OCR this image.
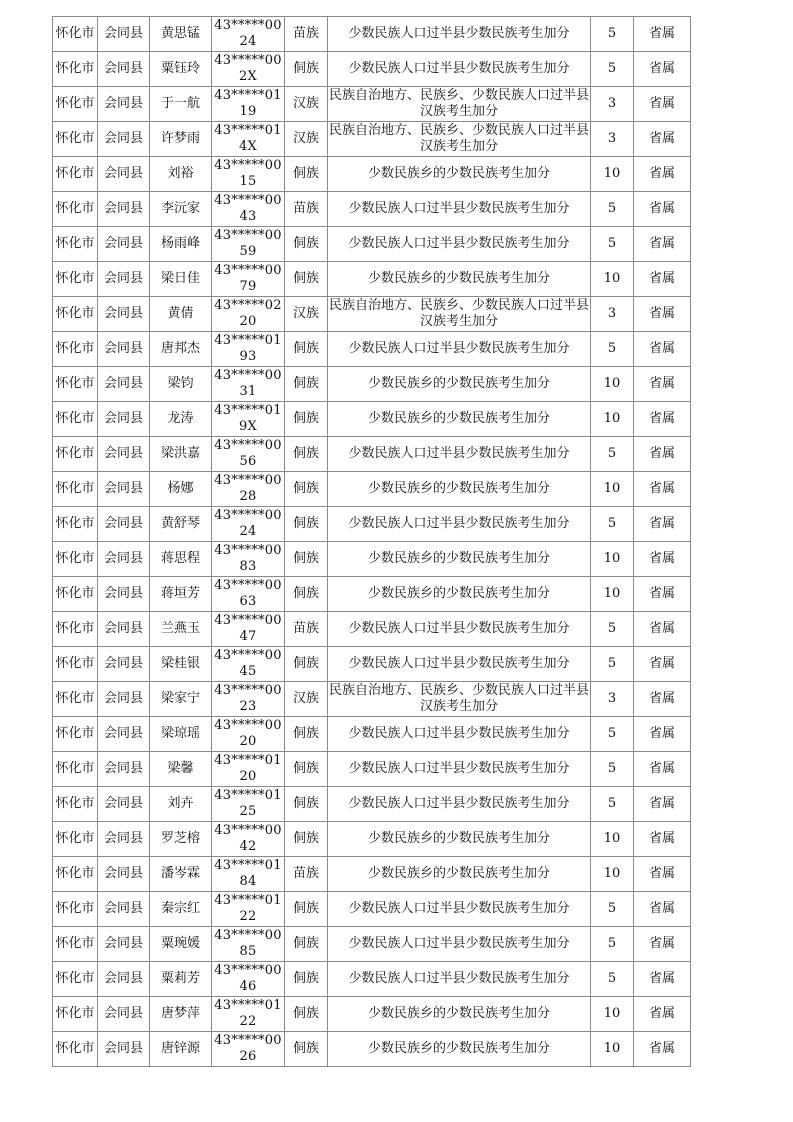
怀化市	会同县	黄思锰	43*****0024	苗族	少数民族人口过半县少数民族考生加分	5	省属
怀化市	会同县	粟钰玲	43*****002X	侗族	少数民族人口过半县少数民族考生加分	5	省属
怀化市	会同县	于一航	43*****0119	汉族	民族自治地方、民族乡、少数民族人口过半县汉族考生加分	3	省属
怀化市	会同县	许梦雨	43*****014X	汉族	民族自治地方、民族乡、少数民族人口过半县汉族考生加分	3	省属
怀化市	会同县	刘裕	43*****0015	侗族	少数民族乡的少数民族考生加分	10	省属
怀化市	会同县	李沅家	43*****0043	苗族	少数民族人口过半县少数民族考生加分	5	省属
怀化市	会同县	杨雨峰	43*****0059	侗族	少数民族人口过半县少数民族考生加分	5	省属
怀化市	会同县	梁日佳	43*****0079	侗族	少数民族乡的少数民族考生加分	10	省属
怀化市	会同县	黄倩	43*****0220	汉族	民族自治地方、民族乡、少数民族人口过半县汉族考生加分	3	省属
怀化市	会同县	唐邦杰	43*****0193	侗族	少数民族人口过半县少数民族考生加分	5	省属
怀化市	会同县	梁钧	43*****0031	侗族	少数民族乡的少数民族考生加分	10	省属
怀化市	会同县	龙涛	43*****019X	侗族	少数民族乡的少数民族考生加分	10	省属
怀化市	会同县	梁洪嘉	43*****0056	侗族	少数民族人口过半县少数民族考生加分	5	省属
怀化市	会同县	杨娜	43*****0028	侗族	少数民族乡的少数民族考生加分	10	省属
怀化市	会同县	黄舒琴	43*****0024	侗族	少数民族人口过半县少数民族考生加分	5	省属
怀化市	会同县	蒋思程	43*****0083	侗族	少数民族乡的少数民族考生加分	10	省属
怀化市	会同县	蒋垣芳	43*****0063	侗族	少数民族乡的少数民族考生加分	10	省属
怀化市	会同县	兰燕玉	43*****0047	苗族	少数民族人口过半县少数民族考生加分	5	省属
怀化市	会同县	梁桂银	43*****0045	侗族	少数民族人口过半县少数民族考生加分	5	省属
怀化市	会同县	梁家宁	43*****0023	汉族	民族自治地方、民族乡、少数民族人口过半县汉族考生加分	3	省属
怀化市	会同县	梁琼瑶	43*****0020	侗族	少数民族人口过半县少数民族考生加分	5	省属
怀化市	会同县	梁馨	43*****0120	侗族	少数民族人口过半县少数民族考生加分	5	省属
怀化市	会同县	刘卉	43*****0125	侗族	少数民族人口过半县少数民族考生加分	5	省属
怀化市	会同县	罗芝榕	43*****0042	侗族	少数民族乡的少数民族考生加分	10	省属
怀化市	会同县	潘岑霖	43*****0184	苗族	少数民族乡的少数民族考生加分	10	省属
怀化市	会同县	秦宗红	43*****0122	侗族	少数民族人口过半县少数民族考生加分	5	省属
怀化市	会同县	粟琬媛	43*****0085	侗族	少数民族人口过半县少数民族考生加分	5	省属
怀化市	会同县	粟莉芳	43*****0046	侗族	少数民族人口过半县少数民族考生加分	5	省属
怀化市	会同县	唐梦萍	43*****0122	侗族	少数民族乡的少数民族考生加分	10	省属
怀化市	会同县	唐锌源	43*****0026	侗族	少数民族乡的少数民族考生加分	10	省属
